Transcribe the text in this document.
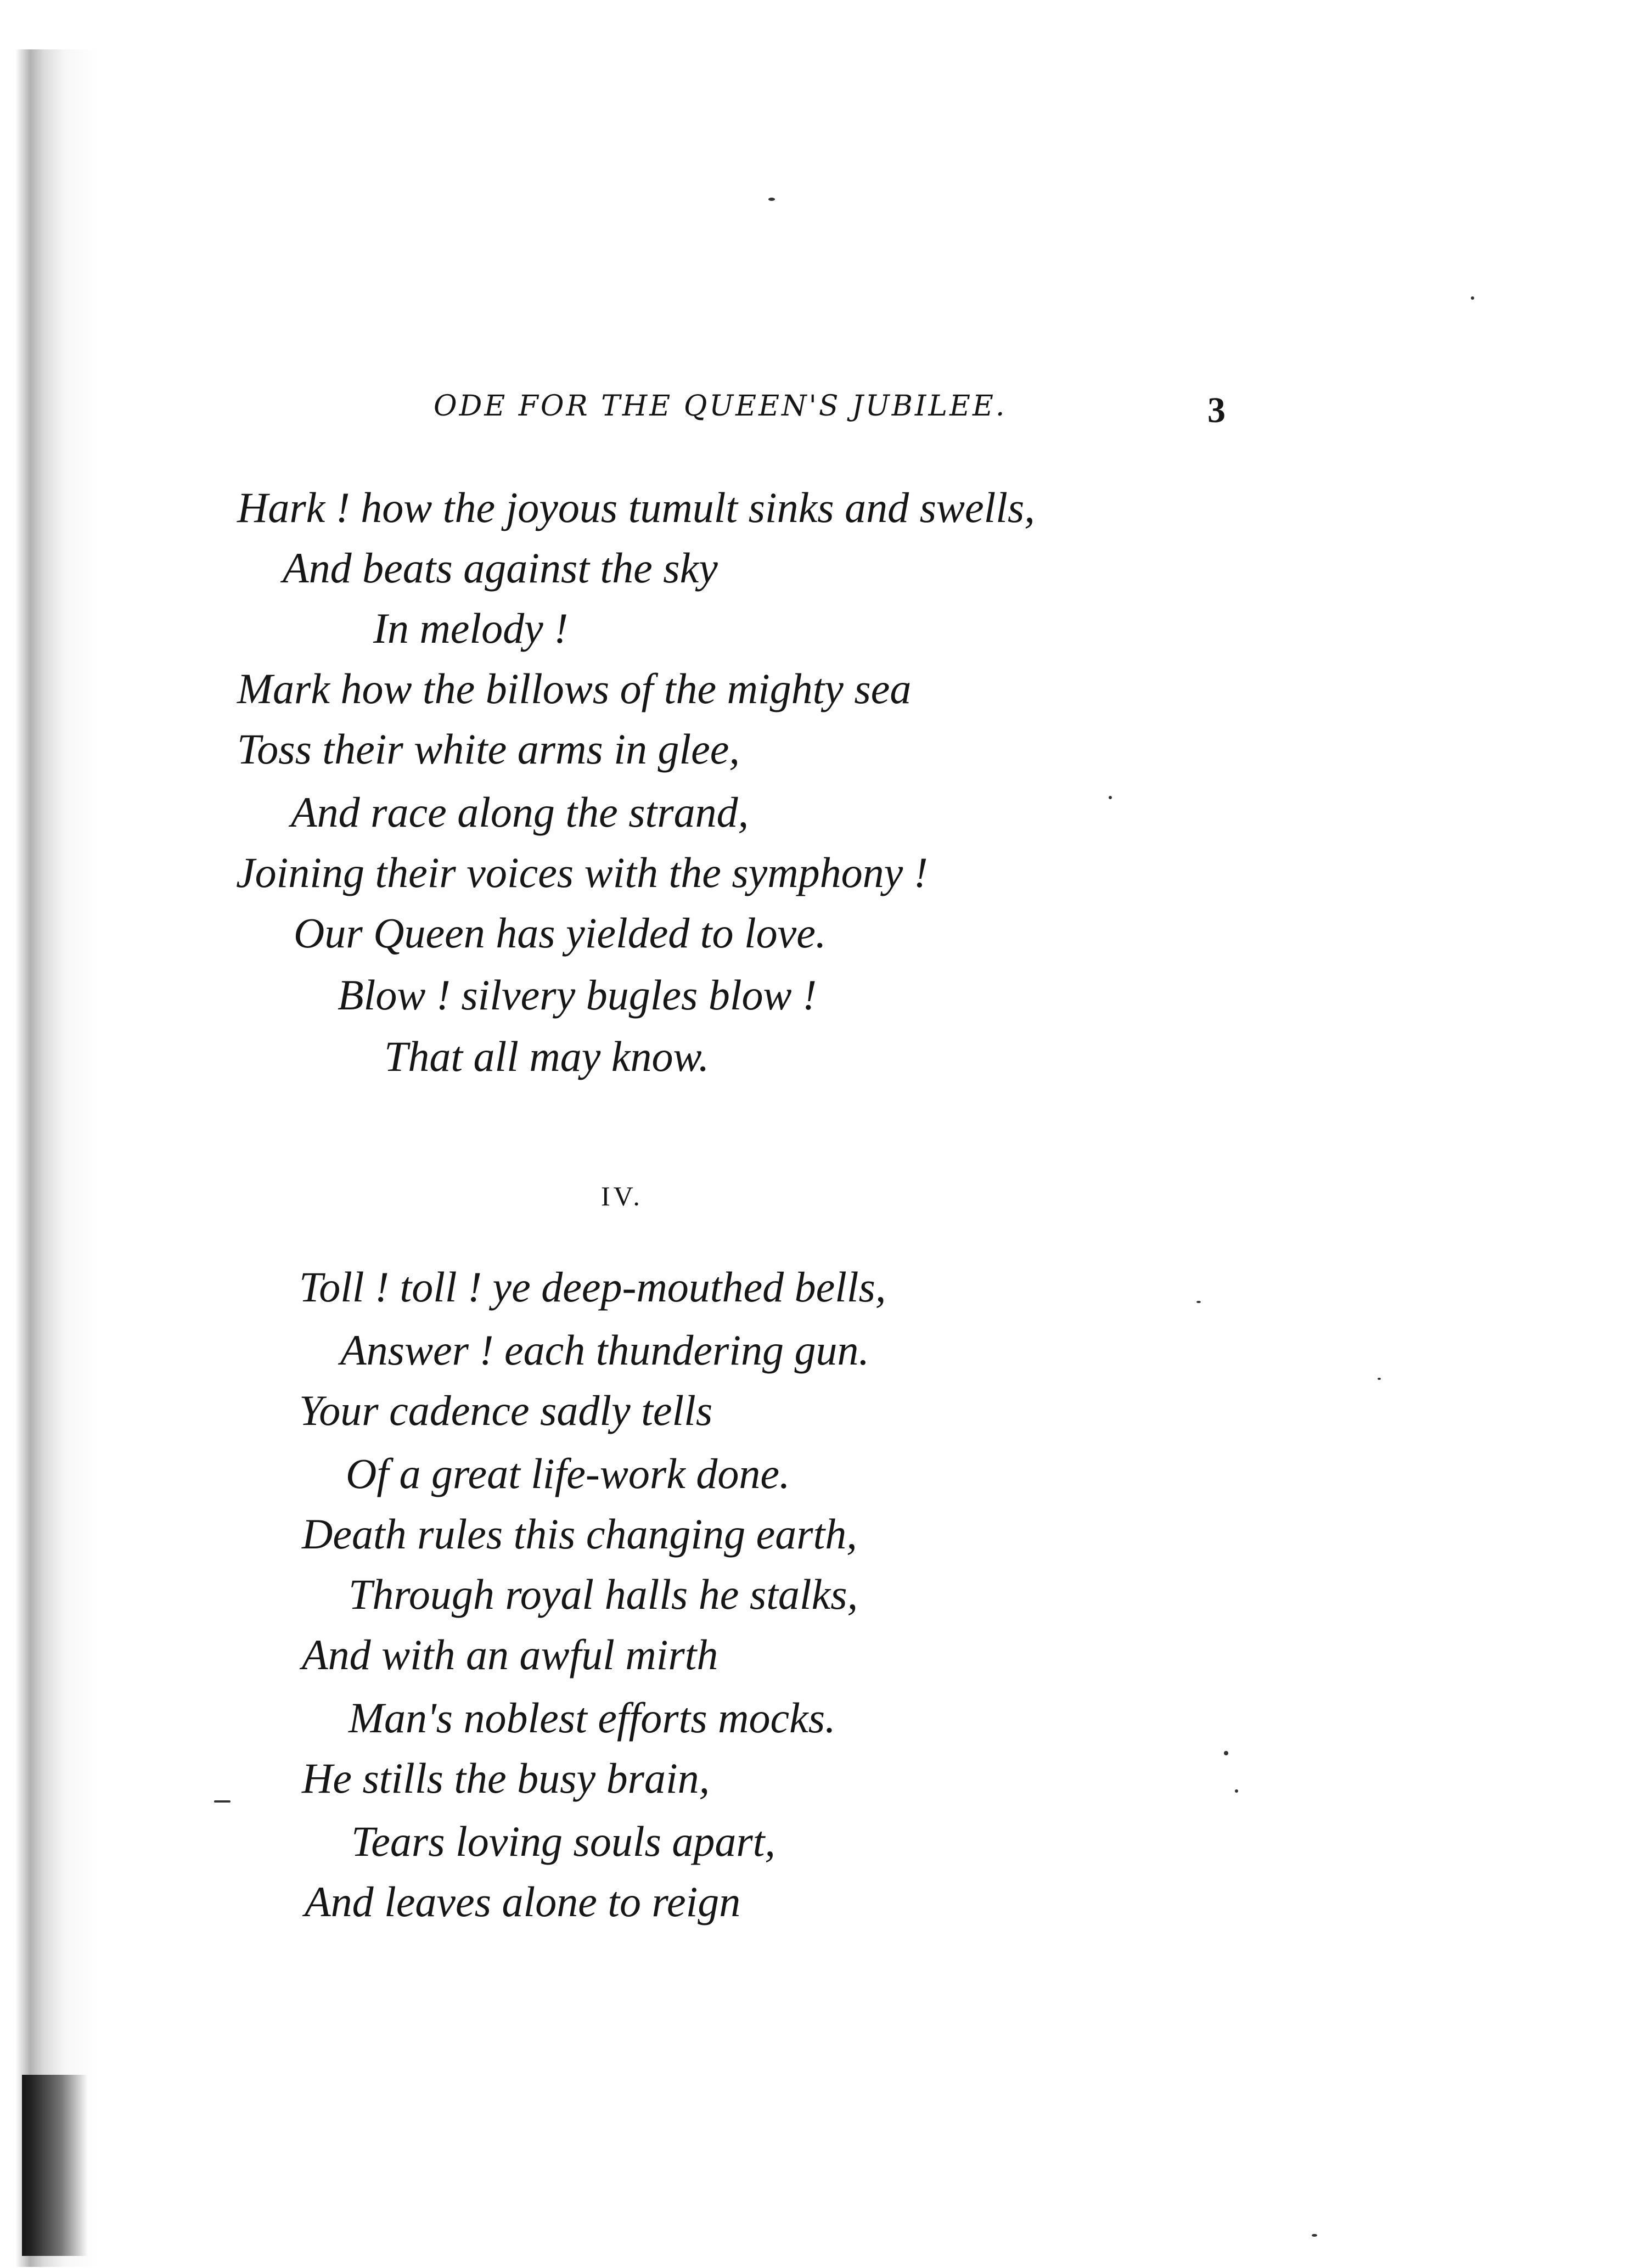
ODE FOR THE QUEEN'S JUBILEE.	3
Hark ! how the joyous tumult sinks and swells,
And beats against the sky
In melody !
Mark how the billows of the mighty sea
Toss their white arms in glee,
And race along the strand,
Joining their voices with the symphony !
Our Queen has yielded to love.
Blow ! silvery bugles blow !
That all may know.
IV.
Toll ! toll ! ye deep-mouthed bells,
Answer ! each thundering gun.
Your cadence sadly tells
Of a great life-work done.
Death rules this changing earth,
Through royal halls he stalks,
And with an awful mirth
Man's noblest efforts mocks.
He stills the busy brain,
Tears loving souls apart,
And leaves alone to reign
